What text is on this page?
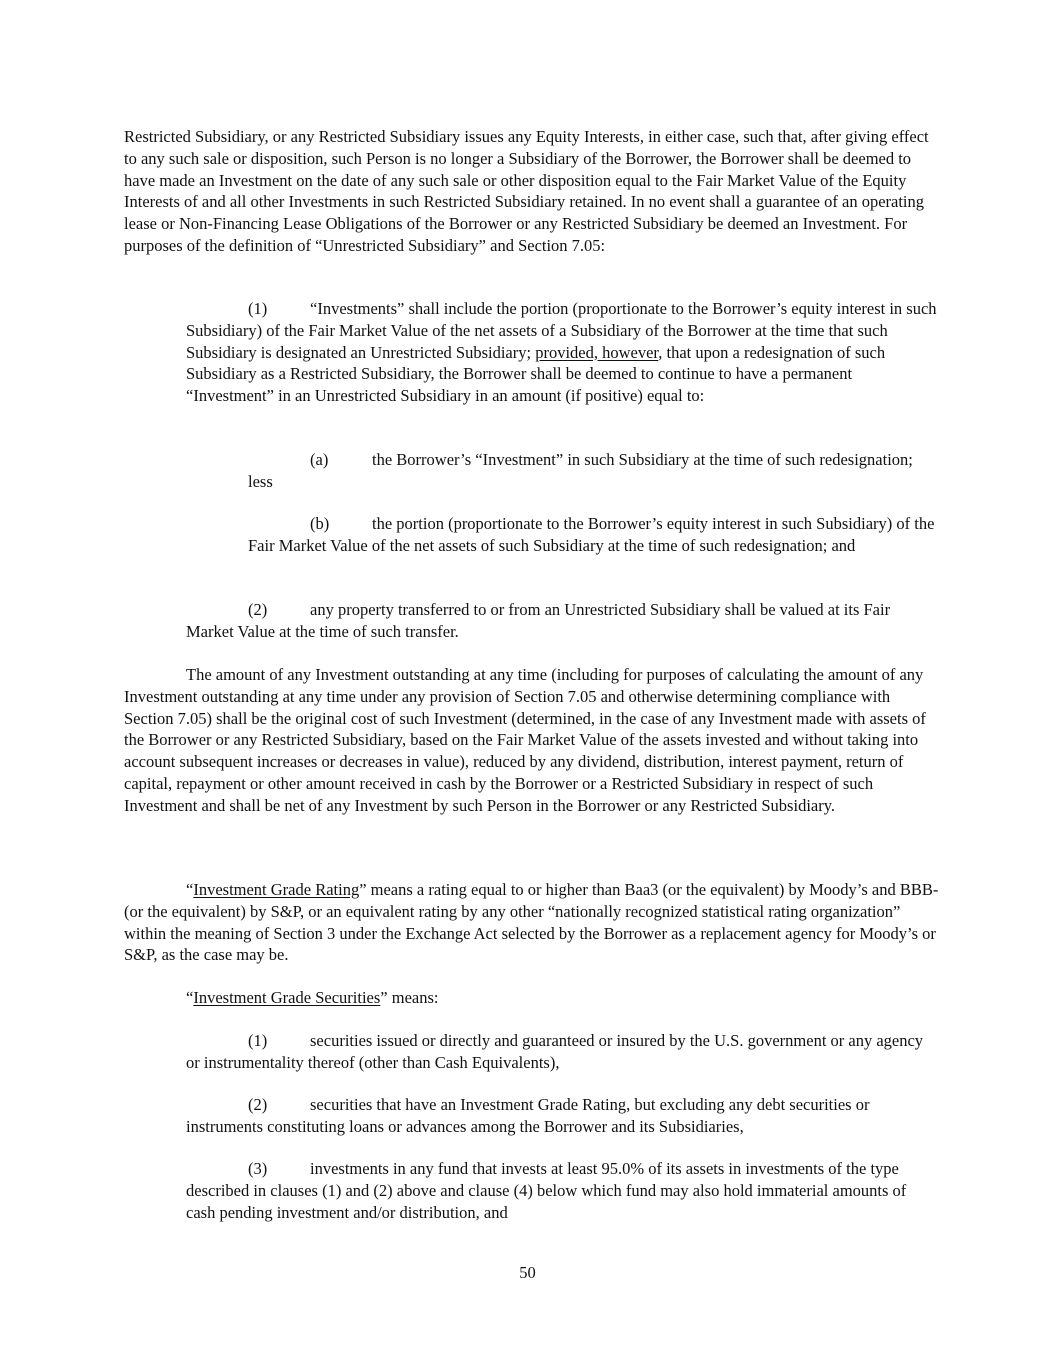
Restricted Subsidiary, or any Restricted Subsidiary issues any Equity Interests, in either case, such that, after giving effect to any such sale or disposition, such Person is no longer a Subsidiary of the Borrower, the Borrower shall be deemed to have made an Investment on the date of any such sale or other disposition equal to the Fair Market Value of the Equity Interests of and all other Investments in such Restricted Subsidiary retained. In no event shall a guarantee of an operating lease or Non-Financing Lease Obligations of the Borrower or any Restricted Subsidiary be deemed an Investment. For purposes of the definition of “Unrestricted Subsidiary” and Section 7.05:

(1)	“Investments” shall include the portion (proportionate to the Borrower’s equity interest in such Subsidiary) of the Fair Market Value of the net assets of a Subsidiary of the Borrower at the time that such Subsidiary is designated an Unrestricted Subsidiary; provided, however, that upon a redesignation of such Subsidiary as a Restricted Subsidiary, the Borrower shall be deemed to continue to have a permanent “Investment” in an Unrestricted Subsidiary in an amount (if positive) equal to:

(a)	the Borrower’s “Investment” in such Subsidiary at the time of such redesignation; less

(b)	the portion (proportionate to the Borrower’s equity interest in such Subsidiary) of the Fair Market Value of the net assets of such Subsidiary at the time of such redesignation; and

(2)	any property transferred to or from an Unrestricted Subsidiary shall be valued at its Fair Market Value at the time of such transfer.

The amount of any Investment outstanding at any time (including for purposes of calculating the amount of any Investment outstanding at any time under any provision of Section 7.05 and otherwise determining compliance with Section 7.05) shall be the original cost of such Investment (determined, in the case of any Investment made with assets of the Borrower or any Restricted Subsidiary, based on the Fair Market Value of the assets invested and without taking into account subsequent increases or decreases in value), reduced by any dividend, distribution, interest payment, return of capital, repayment or other amount received in cash by the Borrower or a Restricted Subsidiary in respect of such Investment and shall be net of any Investment by such Person in the Borrower or any Restricted Subsidiary.

“Investment Grade Rating” means a rating equal to or higher than Baa3 (or the equivalent) by Moody’s and BBB- (or the equivalent) by S&P, or an equivalent rating by any other “nationally recognized statistical rating organization” within the meaning of Section 3 under the Exchange Act selected by the Borrower as a replacement agency for Moody’s or S&P, as the case may be.

“Investment Grade Securities” means:

(1)	securities issued or directly and guaranteed or insured by the U.S. government or any agency or instrumentality thereof (other than Cash Equivalents),

(2)	securities that have an Investment Grade Rating, but excluding any debt securities or instruments constituting loans or advances among the Borrower and its Subsidiaries,

(3)	investments in any fund that invests at least 95.0% of its assets in investments of the type described in clauses (1) and (2) above and clause (4) below which fund may also hold immaterial amounts of cash pending investment and/or distribution, and

50
